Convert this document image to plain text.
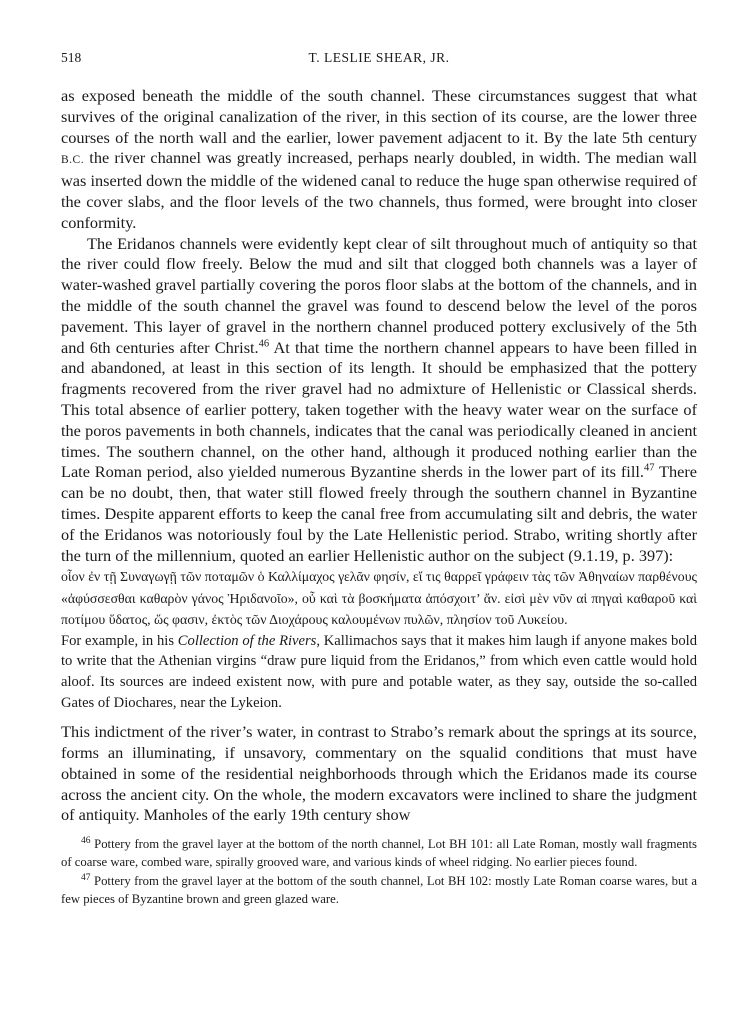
518	T. LESLIE SHEAR, JR.

as exposed beneath the middle of the south channel. These circumstances suggest that what survives of the original canalization of the river, in this section of its course, are the lower three courses of the north wall and the earlier, lower pavement adjacent to it. By the late 5th century B.C. the river channel was greatly increased, perhaps nearly doubled, in width. The median wall was inserted down the middle of the widened canal to reduce the huge span otherwise required of the cover slabs, and the floor levels of the two channels, thus formed, were brought into closer conformity.

The Eridanos channels were evidently kept clear of silt throughout much of antiquity so that the river could flow freely. Below the mud and silt that clogged both channels was a layer of water-washed gravel partially covering the poros floor slabs at the bottom of the channels, and in the middle of the south channel the gravel was found to descend below the level of the poros pavement. This layer of gravel in the northern channel produced pottery exclusively of the 5th and 6th centuries after Christ.$^{46}$ At that time the northern channel appears to have been filled in and abandoned, at least in this section of its length. It should be emphasized that the pottery fragments recovered from the river gravel had no admixture of Hellenistic or Classical sherds. This total absence of earlier pottery, taken together with the heavy water wear on the surface of the poros pavements in both channels, indicates that the canal was periodically cleaned in ancient times. The southern channel, on the other hand, although it produced nothing earlier than the Late Roman period, also yielded numerous Byzantine sherds in the lower part of its fill.$^{47}$ There can be no doubt, then, that water still flowed freely through the southern channel in Byzantine times. Despite apparent efforts to keep the canal free from accumulating silt and debris, the water of the Eridanos was notoriously foul by the Late Hellenistic period. Strabo, writing shortly after the turn of the millennium, quoted an earlier Hellenistic author on the subject (9.1.19, p. 397):

οἷον ἐν τῇ Συναγωγῇ τῶν ποταμῶν ὁ Καλλίμαχος γελᾶν φησίν, εἴ τις θαρρεῖ γράφειν τὰς τῶν Ἀθηναίων παρθένους «ἀφύσσεσθαι καθαρὸν γάνος Ἠριδανοῖο», οὗ καὶ τὰ βοσκήματα ἀπόσχοιτ’ ἄν. εἰσὶ μὲν νῦν αἱ πηγαὶ καθαροῦ καὶ ποτίμου ὕδατος, ὥς φασιν, ἐκτὸς τῶν Διοχάρους καλουμένων πυλῶν, πλησίον τοῦ Λυκείου.

For example, in his Collection of the Rivers, Kallimachos says that it makes him laugh if anyone makes bold to write that the Athenian virgins “draw pure liquid from the Eridanos,” from which even cattle would hold aloof. Its sources are indeed existent now, with pure and potable water, as they say, outside the so-called Gates of Diochares, near the Lykeion.

This indictment of the river’s water, in contrast to Strabo’s remark about the springs at its source, forms an illuminating, if unsavory, commentary on the squalid conditions that must have obtained in some of the residential neighborhoods through which the Eridanos made its course across the ancient city. On the whole, the modern excavators were inclined to share the judgment of antiquity. Manholes of the early 19th century show

$^{46}$ Pottery from the gravel layer at the bottom of the north channel, Lot BH 101: all Late Roman, mostly wall fragments of coarse ware, combed ware, spirally grooved ware, and various kinds of wheel ridging. No earlier pieces found.

$^{47}$ Pottery from the gravel layer at the bottom of the south channel, Lot BH 102: mostly Late Roman coarse wares, but a few pieces of Byzantine brown and green glazed ware.
